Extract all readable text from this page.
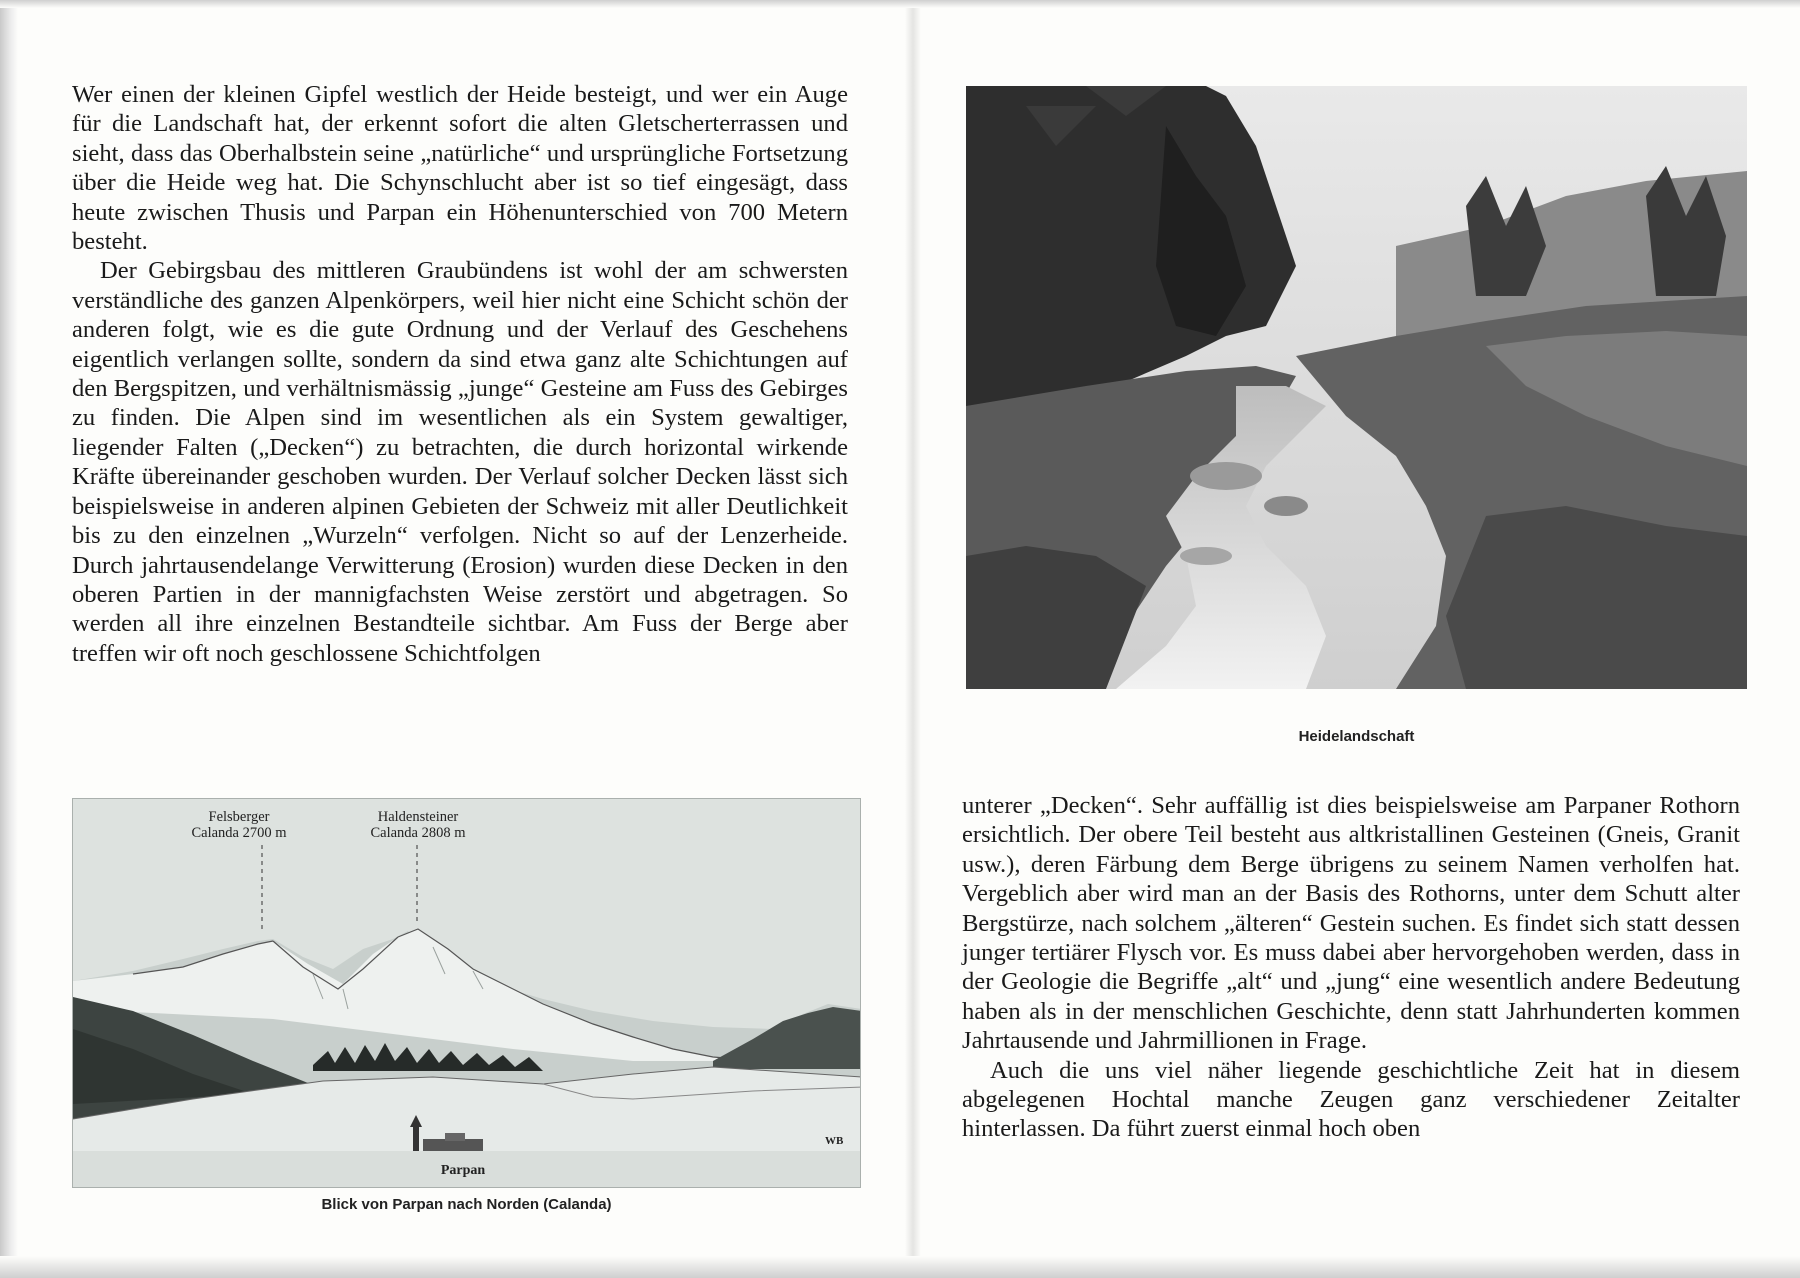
Wer einen der kleinen Gipfel westlich der Heide besteigt, und wer ein Auge für die Landschaft hat, der erkennt sofort die alten Gletscherterrassen und sieht, dass das Oberhalbstein seine „natürliche“ und ursprüngliche Fortsetzung über die Heide weg hat. Die Schynschlucht aber ist so tief eingesägt, dass heute zwischen Thusis und Parpan ein Höhenunterschied von 700 Metern besteht.

Der Gebirgsbau des mittleren Graubündens ist wohl der am schwersten verständliche des ganzen Alpenkörpers, weil hier nicht eine Schicht schön der anderen folgt, wie es die gute Ordnung und der Verlauf des Geschehens eigentlich verlangen sollte, sondern da sind etwa ganz alte Schichtungen auf den Bergspitzen, und verhältnismässig „junge“ Gesteine am Fuss des Gebirges zu finden. Die Alpen sind im wesentlichen als ein System gewaltiger, liegender Falten („Decken“) zu betrachten, die durch horizontal wirkende Kräfte übereinander geschoben wurden. Der Verlauf solcher Decken lässt sich beispielsweise in anderen alpinen Gebieten der Schweiz mit aller Deutlichkeit bis zu den einzelnen „Wurzeln“ verfolgen. Nicht so auf der Lenzerheide. Durch jahrtausendelange Verwitterung (Erosion) wurden diese Decken in den oberen Partien in der mannigfachsten Weise zerstört und abgetragen. So werden all ihre einzelnen Bestandteile sichtbar. Am Fuss der Berge aber treffen wir oft noch geschlossene Schichtfolgen

Felsberger
Calanda 2700 m
Haldensteiner
Calanda 2808 m
Parpan
WB
Blick von Parpan nach Norden (Calanda)
Heidelandschaft

unterer „Decken“. Sehr auffällig ist dies beispielsweise am Parpaner Rothorn ersichtlich. Der obere Teil besteht aus altkristallinen Gesteinen (Gneis, Granit usw.), deren Färbung dem Berge übrigens zu seinem Namen verholfen hat. Vergeblich aber wird man an der Basis des Rothorns, unter dem Schutt alter Bergstürze, nach solchem „älteren“ Gestein suchen. Es findet sich statt dessen junger tertiärer Flysch vor. Es muss dabei aber hervorgehoben werden, dass in der Geologie die Begriffe „alt“ und „jung“ eine wesentlich andere Bedeutung haben als in der menschlichen Geschichte, denn statt Jahrhunderten kommen Jahrtausende und Jahrmillionen in Frage.

Auch die uns viel näher liegende geschichtliche Zeit hat in diesem abgelegenen Hochtal manche Zeugen ganz verschiedener Zeitalter hinterlassen. Da führt zuerst einmal hoch oben
